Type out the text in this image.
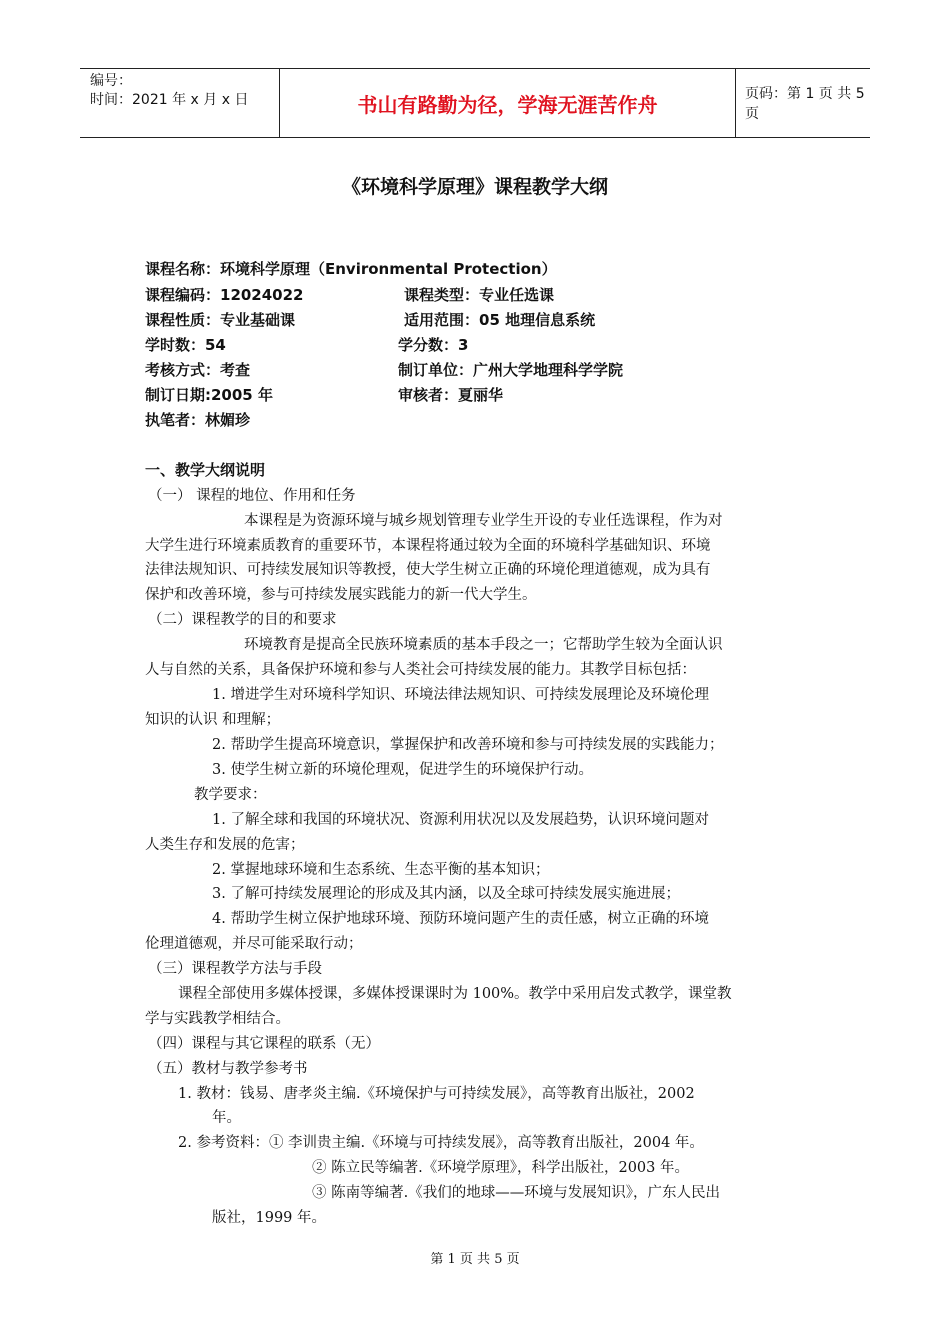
编号：
时间：2021 年 x 月 x 日	书山有路勤为径，学海无涯苦作舟	页码：第 1 页 共 5 页
《环境科学原理》课程教学大纲
课程名称：环境科学原理（Environmental Protection）
课程编码：12024022	课程类型：专业任选课
课程性质：专业基础课	适用范围：05 地理信息系统
学时数：54	学分数：3
考核方式：考查	制订单位：广州大学地理科学学院
制订日期:2005 年	审核者：夏丽华
执笔者：林媚珍
一、教学大纲说明
（一） 课程的地位、作用和任务
本课程是为资源环境与城乡规划管理专业学生开设的专业任选课程，作为对
大学生进行环境素质教育的重要环节，本课程将通过较为全面的环境科学基础知识、环境
法律法规知识、可持续发展知识等教授，使大学生树立正确的环境伦理道德观，成为具有
保护和改善环境，参与可持续发展实践能力的新一代大学生。
（二）课程教学的目的和要求
环境教育是提高全民族环境素质的基本手段之一；它帮助学生较为全面认识
人与自然的关系，具备保护环境和参与人类社会可持续发展的能力。其教学目标包括：
1. 增进学生对环境科学知识、环境法律法规知识、可持续发展理论及环境伦理
知识的认识 和理解；
2. 帮助学生提高环境意识，掌握保护和改善环境和参与可持续发展的实践能力；
3. 使学生树立新的环境伦理观，促进学生的环境保护行动。
教学要求：
1. 了解全球和我国的环境状况、资源利用状况以及发展趋势，认识环境问题对
人类生存和发展的危害；
2. 掌握地球环境和生态系统、生态平衡的基本知识；
3. 了解可持续发展理论的形成及其内涵，以及全球可持续发展实施进展；
4. 帮助学生树立保护地球环境、预防环境问题产生的责任感，树立正确的环境
伦理道德观，并尽可能采取行动；
（三）课程教学方法与手段
课程全部使用多媒体授课，多媒体授课课时为 100%。教学中采用启发式教学，课堂教
学与实践教学相结合。
（四）课程与其它课程的联系（无）
（五）教材与教学参考书
1. 教材：钱易、唐孝炎主编.《环境保护与可持续发展》，高等教育出版社，2002
年。
2. 参考资料：① 李训贵主编.《环境与可持续发展》，高等教育出版社，2004 年。
② 陈立民等编著.《环境学原理》，科学出版社，2003 年。
③ 陈南等编著.《我们的地球——环境与发展知识》，广东人民出
版社，1999 年。
第 1 页 共 5 页
